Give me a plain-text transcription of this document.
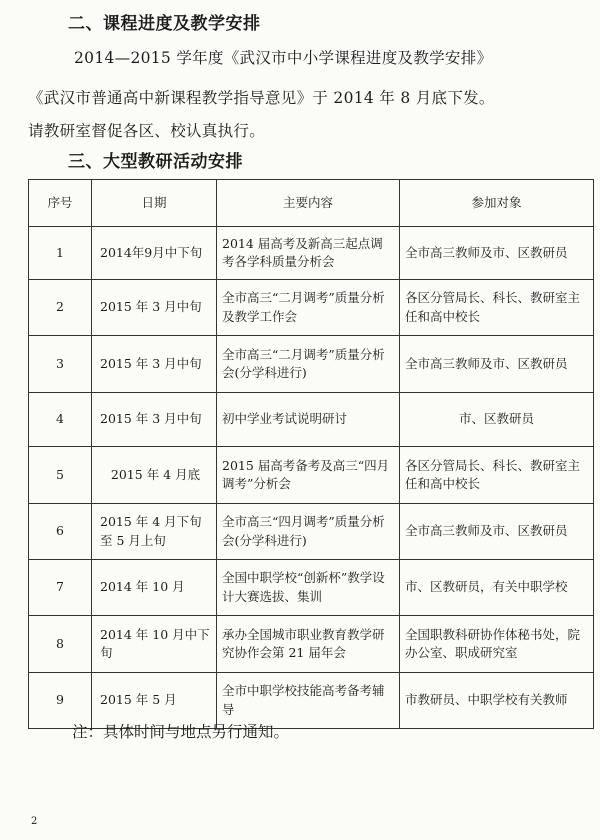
二、课程进度及教学安排
2014—2015 学年度《武汉市中小学课程进度及教学安排》
《武汉市普通高中新课程教学指导意见》于 2014 年 8 月底下发。
请教研室督促各区、校认真执行。
三、大型教研活动安排
序号	日期	主要内容	参加对象
1	2014年9月中下旬	2014 届高考及新高三起点调考各学科质量分析会	全市高三教师及市、区教研员
2	2015 年 3 月中旬	全市高三“二月调考”质量分析及教学工作会	各区分管局长、科长、教研室主任和高中校长
3	2015 年 3 月中旬	全市高三“二月调考”质量分析会(分学科进行)	全市高三教师及市、区教研员
4	2015 年 3 月中旬	初中学业考试说明研讨	市、区教研员
5	2015 年 4 月底	2015 届高考备考及高三“四月调考”分析会	各区分管局长、科长、教研室主任和高中校长
6	2015 年 4 月下旬至 5 月上旬	全市高三“四月调考”质量分析会(分学科进行)	全市高三教师及市、区教研员
7	2014 年 10 月	全国中职学校“创新杯”教学设计大赛选拔、集训	市、区教研员，有关中职学校
8	2014 年 10 月中下旬	承办全国城市职业教育教学研究协作会第 21 届年会	全国职教科研协作体秘书处，院办公室、职成研究室
9	2015 年 5 月	全市中职学校技能高考备考辅导	市教研员、中职学校有关教师
注：具体时间与地点另行通知。
2
